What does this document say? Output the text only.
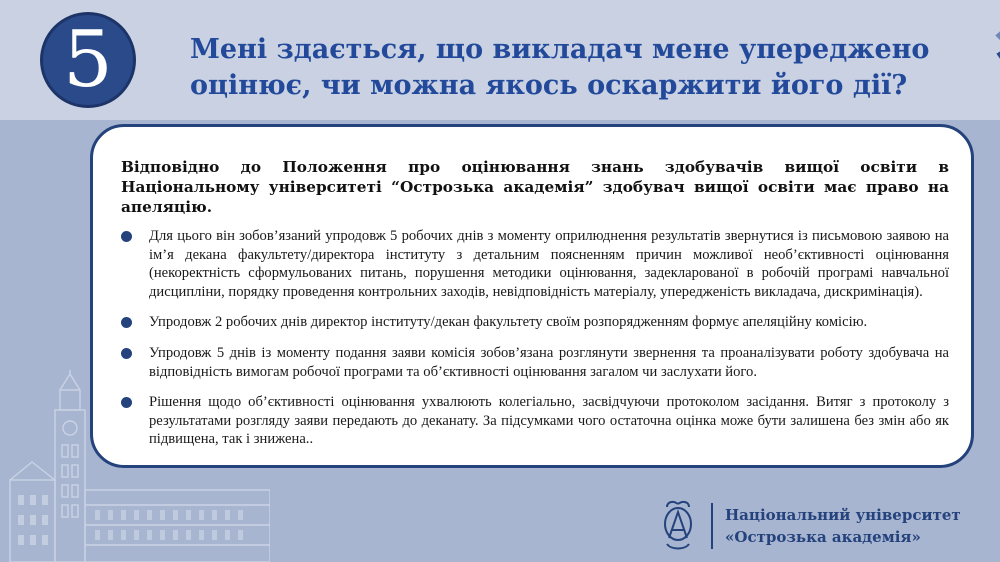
5	Мені здається, що викладач мене упереджено оцінює, чи можна якось оскаржити його дії?

Відповідно до Положення про оцінювання знань здобувачів вищої освіти в Національному університеті “Острозька академія” здобувач вищої освіти має право на апеляцію.

Для цього він зобов’язаний упродовж 5 робочих днів з моменту оприлюднення результатів звернутися із письмовою заявою на ім’я декана факультету/директора інституту з детальним поясненням причин можливої необ’єктивності оцінювання (некоректність сформульованих питань, порушення методики оцінювання, задекларованої в робочій програмі навчальної дисципліни, порядку проведення контрольних заходів, невідповідність матеріалу, упередженість викладача, дискримінація).
Упродовж 2 робочих днів директор інституту/декан факультету своїм розпорядженням формує апеляційну комісію.
Упродовж 5 днів із моменту подання заяви комісія зобов’язана розглянути звернення та проаналізувати роботу здобувача на відповідність вимогам робочої програми та об’єктивності оцінювання загалом чи заслухати його.
Рішення щодо об’єктивності оцінювання ухвалюють колегіально, засвідчуючи протоколом засідання. Витяг з протоколу з результатами розгляду заяви передають до деканату. За підсумками чого остаточна оцінка може бути залишена без змін або як підвищена, так і знижена..
Національний університет
«Острозька академія»
